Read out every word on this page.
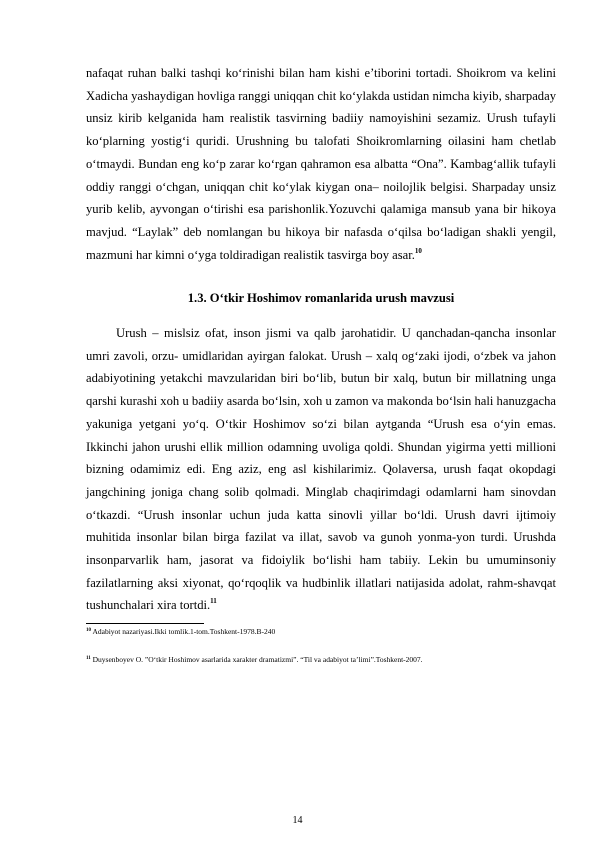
nafaqat ruhan balki tashqi ko‘rinishi bilan ham kishi e’tiborini tortadi. Shoikrom va kelini Xadicha yashaydigan hovliga ranggi uniqqan chit ko‘ylakda ustidan nimcha kiyib, sharpaday unsiz kirib kelganida ham realistik tasvirning badiiy namoyishini sezamiz. Urush tufayli ko‘plarning yostig‘i quridi. Urushning bu talofati Shoikromlarning oilasini ham chetlab o‘tmaydi. Bundan eng ko‘p zarar ko‘rgan qahramon esa albatta “Ona”. Kambag‘allik tufayli oddiy ranggi o‘chgan, uniqqan chit ko‘ylak kiygan ona– noilojlik belgisi. Sharpaday unsiz yurib kelib, ayvongan o‘tirishi esa parishonlik.Yozuvchi qalamiga mansub yana bir hikoya mavjud. “Laylak” deb nomlangan bu hikoya bir nafasda o‘qilsa bo‘ladigan shakli yengil, mazmuni har kimni o‘yga toldiradigan realistik tasvirga boy asar.$^{10}$

1.3. O‘tkir Hoshimov romanlarida urush mavzusi

Urush – mislsiz ofat, inson jismi va qalb jarohatidir. U qanchadan-qancha insonlar umri zavoli, orzu- umidlaridan ayirgan falokat. Urush – xalq og‘zaki ijodi, o‘zbek va jahon adabiyotining yetakchi mavzularidan biri bo‘lib, butun bir xalq, butun bir millatning unga qarshi kurashi xoh u badiiy asarda bo‘lsin, xoh u zamon va makonda bo‘lsin hali hanuzgacha yakuniga yetgani yo‘q. O‘tkir Hoshimov so‘zi bilan aytganda “Urush esa o‘yin emas. Ikkinchi jahon urushi ellik million odamning uvoliga qoldi. Shundan yigirma yetti millioni bizning odamimiz edi. Eng aziz, eng asl kishilarimiz. Qolaversa, urush faqat okopdagi jangchining joniga chang solib qolmadi. Minglab chaqirimdagi odamlarni ham sinovdan o‘tkazdi. “Urush insonlar uchun juda katta sinovli yillar bo‘ldi. Urush davri ijtimoiy muhitida insonlar bilan birga fazilat va illat, savob va gunoh yonma-yon turdi. Urushda insonparvarlik ham, jasorat va fidoiylik bo‘lishi ham tabiiy. Lekin bu umuminsoniy fazilatlarning aksi xiyonat, qo‘rqoqlik va hudbinlik illatlari natijasida adolat, rahm-shavqat tushunchalari xira tortdi.$^{11}$

$^{10}$ Adabiyot nazariyasi.Ikki tomlik.1-tom.Toshkent-1978.B-240

$^{11}$ Duysenboyev O. ”O‘tkir Hoshimov asarlarida xarakter dramatizmi”. “Til va adabiyot ta’limi”.Toshkent-2007.

14
